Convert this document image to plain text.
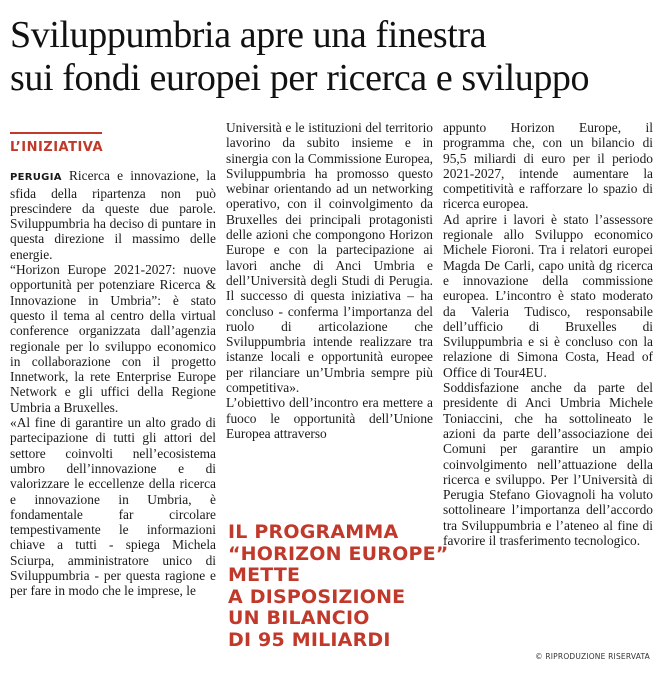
Sviluppumbria apre una finestra
sui fondi europei per ricerca e sviluppo
L’INIZIATIVA

PERUGIA Ricerca e innovazione, la sfida della ripartenza non può prescindere da queste due parole. Sviluppumbria ha deciso di puntare in questa direzione il massimo delle energie.

“Horizon Europe 2021-2027: nuove opportunità per potenziare Ricerca & Innovazione in Umbria”: è stato questo il tema al centro della virtual conference organizzata dall’agenzia regionale per lo sviluppo economico in collaborazione con il progetto Innetwork, la rete Enterprise Europe Network e gli uffici della Regione Umbria a Bruxelles.

«Al fine di garantire un alto grado di partecipazione di tutti gli attori del settore coinvolti nell’ecosistema umbro dell’innovazione e di valorizzare le eccellenze della ricerca e innovazione in Umbria, è fondamentale far circolare tempestivamente le informazioni chiave a tutti - spiega Michela Sciurpa, amministratore unico di Sviluppumbria - per questa ragione e per fare in modo che le imprese, le

Università e le istituzioni del territorio lavorino da subito insieme e in sinergia con la Commissione Europea, Sviluppumbria ha promosso questo webinar orientando ad un networking operativo, con il coinvolgimento da Bruxelles dei principali protagonisti delle azioni che compongono Horizon Europe e con la partecipazione ai lavori anche di Anci Umbria e dell’Università degli Studi di Perugia. Il successo di questa iniziativa – ha concluso - conferma l’importanza del ruolo di articolazione che Sviluppumbria intende realizzare tra istanze locali e opportunità europee per rilanciare un’Umbria sempre più competitiva».

L’obiettivo dell’incontro era mettere a fuoco le opportunità dell’Unione Europea attraverso

IL PROGRAMMA
“HORIZON EUROPE”
METTE
A DISPOSIZIONE
UN BILANCIO
DI 95 MILIARDI

appunto Horizon Europe, il programma che, con un bilancio di 95,5 miliardi di euro per il periodo 2021-2027, intende aumentare la competitività e rafforzare lo spazio di ricerca europea.

Ad aprire i lavori è stato l’assessore regionale allo Sviluppo economico Michele Fioroni. Tra i relatori europei Magda De Carli, capo unità dg ricerca e innovazione della commissione europea. L’incontro è stato moderato da Valeria Tudisco, responsabile dell’ufficio di Bruxelles di Sviluppumbria e si è concluso con la relazione di Simona Costa, Head of Office di Tour4EU.

Soddisfazione anche da parte del presidente di Anci Umbria Michele Toniaccini, che ha sottolineato le azioni da parte dell’associazione dei Comuni per garantire un ampio coinvolgimento nell’attuazione della ricerca e sviluppo. Per l’Università di Perugia Stefano Giovagnoli ha voluto sottolineare l’importanza dell’accordo tra Sviluppumbria e l’ateneo al fine di favorire il trasferimento tecnologico.

© RIPRODUZIONE RISERVATA
